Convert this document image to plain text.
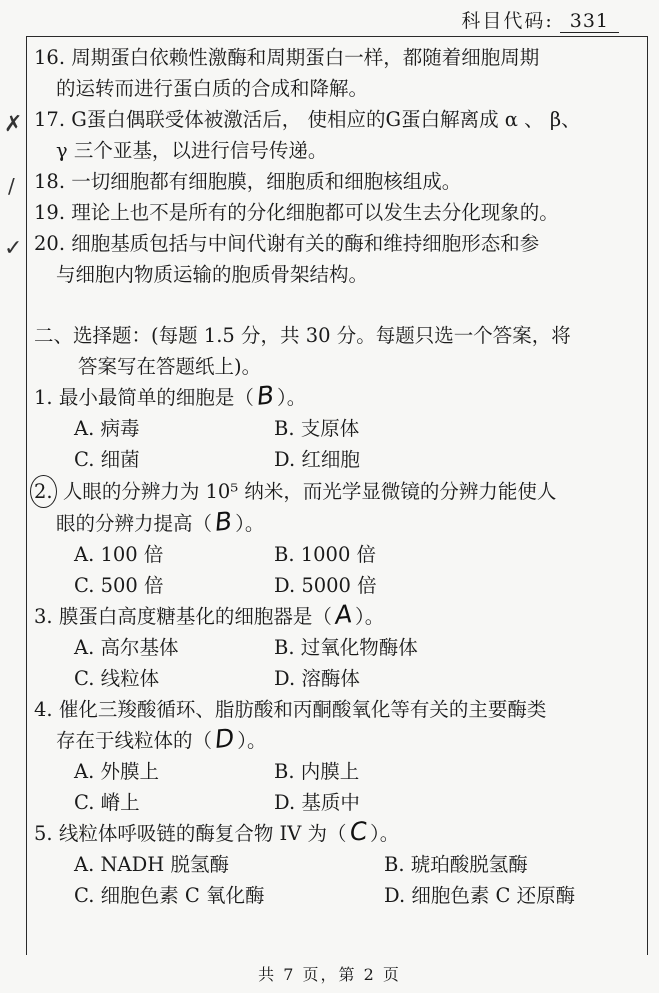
科目代码: 331
✗
/
✓
16. 周期蛋白依赖性激酶和周期蛋白一样，都随着细胞周期
的运转而进行蛋白质的合成和降解。
17. G蛋白偶联受体被激活后， 使相应的G蛋白解离成 α 、 β、
γ 三个亚基，以进行信号传递。
18. 一切细胞都有细胞膜，细胞质和细胞核组成。
19. 理论上也不是所有的分化细胞都可以发生去分化现象的。
20. 细胞基质包括与中间代谢有关的酶和维持细胞形态和参
与细胞内物质运输的胞质骨架结构。
二、选择题：(每题 1.5 分，共 30 分。每题只选一个答案，将
答案写在答题纸上)。
1. 最小最简单的细胞是（B）。
A. 病毒	B. 支原体
C. 细菌	D. 红细胞
2. 人眼的分辨力为 10⁵ 纳米，而光学显微镜的分辨力能使人
眼的分辨力提高（B）。
A. 100 倍	B. 1000 倍
C. 500 倍	D. 5000 倍
3. 膜蛋白高度糖基化的细胞器是（A）。
A. 高尔基体	B. 过氧化物酶体
C. 线粒体	D. 溶酶体
4. 催化三羧酸循环、脂肪酸和丙酮酸氧化等有关的主要酶类
存在于线粒体的（D）。
A. 外膜上	B. 内膜上
C. 嵴上	D. 基质中
5. 线粒体呼吸链的酶复合物 IV 为（C）。
A. NADH 脱氢酶	B. 琥珀酸脱氢酶
C. 细胞色素 C 氧化酶	D. 细胞色素 C 还原酶
共 7 页，第 2 页
